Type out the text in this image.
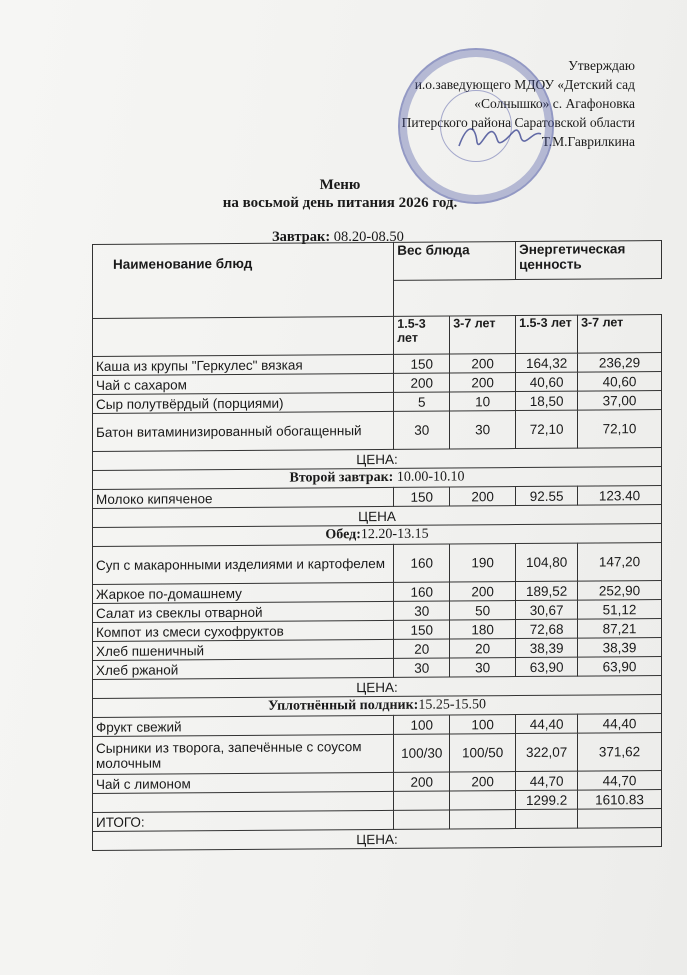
Утверждаю
и.о.заведующего МДОУ «Детский сад
«Солнышко» с. Агафоновка
Питерского района Саратовской области
Т.М.Гаврилкина
Меню
на восьмой день питания 2026 год.
Завтрак: 08.20-08.50
Наименование блюд	Вес блюда		Энергетическая ценность	

	1.5-3 лет	3-7 лет	1.5-3 лет	3-7 лет
Каша из крупы "Геркулес" вязкая	150	200	164,32	236,29
Чай с сахаром	200	200	40,60	40,60
Сыр полутвёрдый (порциями)	5	10	18,50	37,00
Батон витаминизированный обогащенный	30	30	72,10	72,10
ЦЕНА:				
Второй завтрак: 10.00-10.10				
Молоко кипяченое	150	200	92.55	123.40
ЦЕНА				
Обед:12.20-13.15				
Суп с макаронными изделиями и картофелем	160	190	104,80	147,20
Жаркое по-домашнему	160	200	189,52	252,90
Салат из свеклы отварной	30	50	30,67	51,12
Компот из смеси сухофруктов	150	180	72,68	87,21
Хлеб пшеничный	20	20	38,39	38,39
Хлеб ржаной	30	30	63,90	63,90
ЦЕНА:				
Уплотнённый полдник:15.25-15.50				
Фрукт свежий	100	100	44,40	44,40
Сырники из творога, запечённые с соусом молочным	100/30	100/50	322,07	371,62
Чай с лимоном	200	200	44,70	44,70
			1299.2	1610.83
ИТОГО:				
ЦЕНА:				
